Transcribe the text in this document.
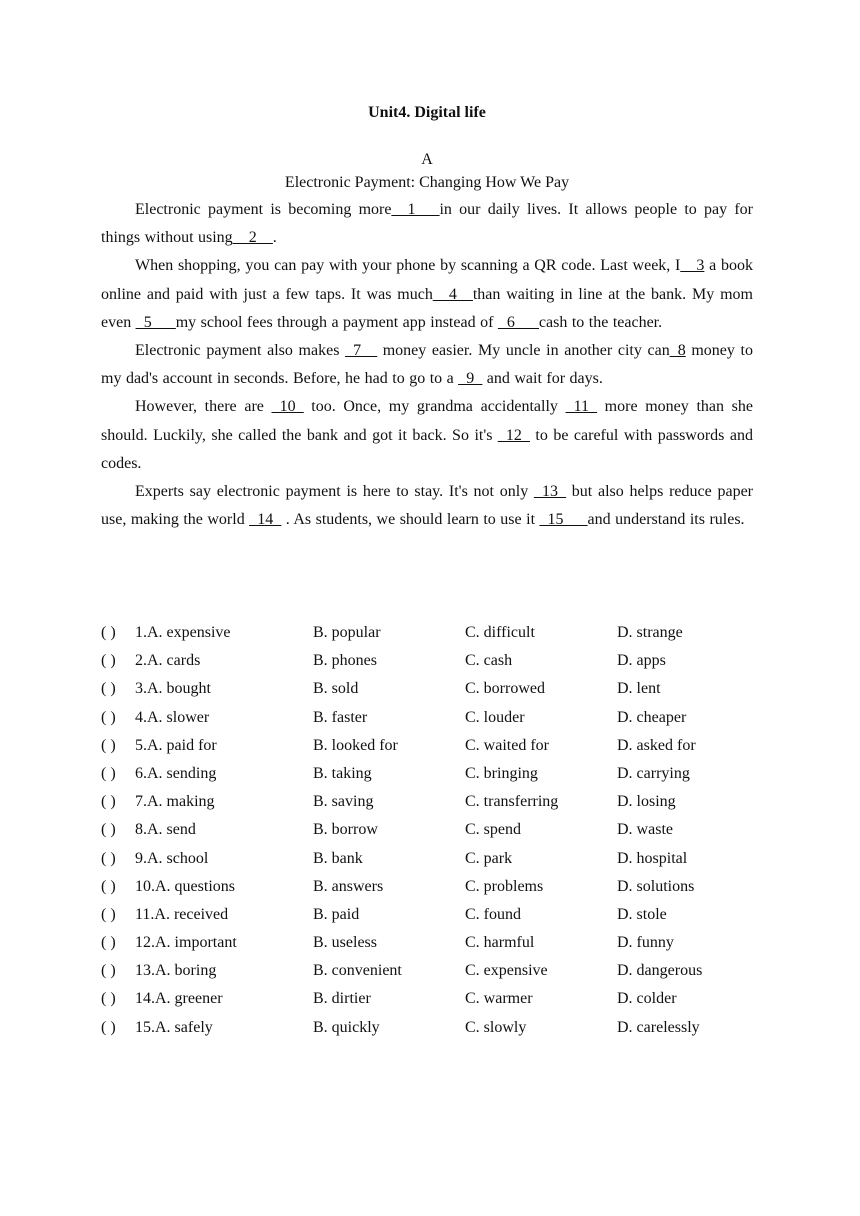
Unit4. Digital life
A
Electronic Payment: Changing How We Pay

Electronic payment is becoming more__1___in our daily lives. It allows people to pay for things without using__2__.

When shopping, you can pay with your phone by scanning a QR code. Last week, I__3 a book online and paid with just a few taps. It was much__4__than waiting in line at the bank. My mom even _5___my school fees through a payment app instead of   6___cash to the teacher.

Electronic payment also makes _7__ money easier. My uncle in another city can_8 money to my dad's account in seconds. Before, he had to go to a _9_ and wait for days.

However, there are _10_ too. Once, my grandma accidentally _11_ more money than she should. Luckily, she called the bank and got it back. So it's _12_ to be careful with passwords and codes.

Experts say electronic payment is here to stay. It's not only _13_ but also helps reduce paper use, making the world _14_ . As students, we should learn to use it _15___and understand its rules.

( ) 1.A. expensive	B. popular	C. difficult	D. strange
( ) 2.A. cards	B. phones	C. cash	D. apps
( ) 3.A. bought	B. sold	C. borrowed	D. lent
( ) 4.A. slower	B. faster	C. louder	D. cheaper
( ) 5.A. paid for	B. looked for	C. waited for	D. asked for
( ) 6.A. sending	B. taking	C. bringing	D. carrying
( ) 7.A. making	B. saving	C. transferring	D. losing
( ) 8.A. send	B. borrow	C. spend	D. waste
( ) 9.A. school	B. bank	C. park	D. hospital
( ) 10.A. questions	B. answers	C. problems	D. solutions
( ) 11.A. received	B. paid	C. found	D. stole
( ) 12.A. important	B. useless	C. harmful	D. funny
( ) 13.A. boring	B. convenient	C. expensive	D. dangerous
( ) 14.A. greener	B. dirtier	C. warmer	D. colder
( ) 15.A. safely	B. quickly	C. slowly	D. carelessly
